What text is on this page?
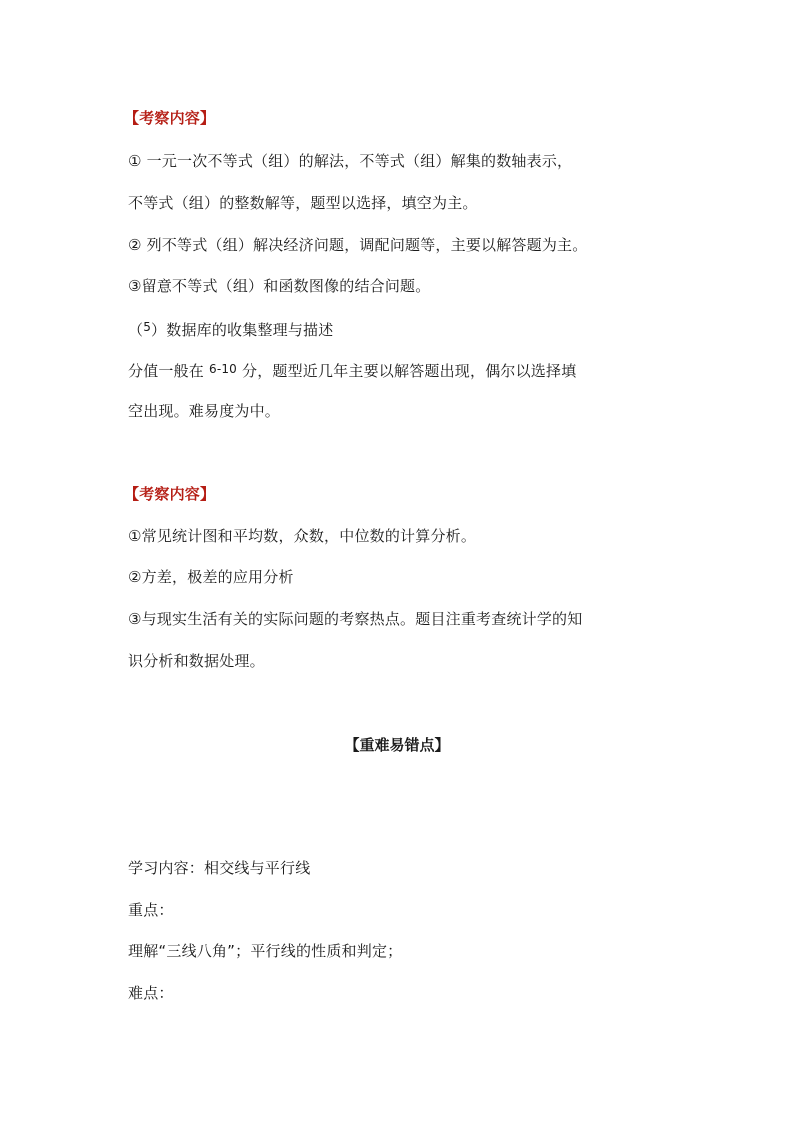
【考察内容】
① 一元一次不等式（组）的解法，不等式（组）解集的数轴表示，
不等式（组）的整数解等，题型以选择，填空为主。
② 列不等式（组）解决经济问题，调配问题等，主要以解答题为主。
③留意不等式（组）和函数图像的结合问题。
（$^5$）数据库的收集整理与描述
分值一般在 $^{6-10}$ 分，题型近几年主要以解答题出现，偶尔以选择填
空出现。难易度为中。
【考察内容】
①常见统计图和平均数，众数，中位数的计算分析。
②方差，极差的应用分析
③与现实生活有关的实际问题的考察热点。题目注重考查统计学的知
识分析和数据处理。
【重难易错点】
学习内容：相交线与平行线
重点：
理解“三线八角”；平行线的性质和判定；
难点：
